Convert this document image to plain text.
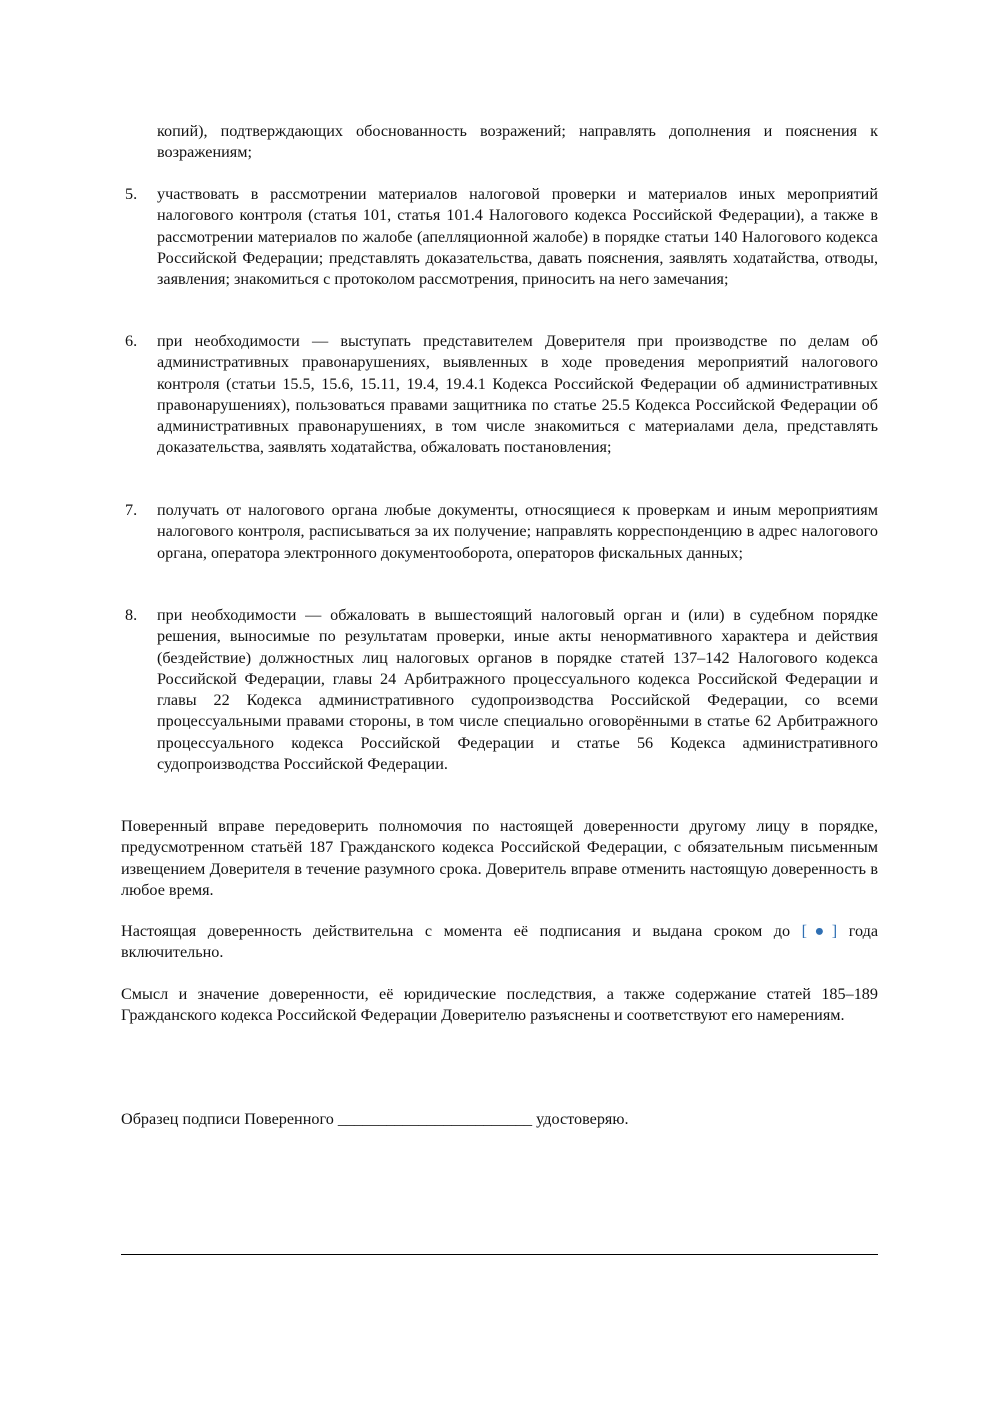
копий), подтверждающих обоснованность возражений; направлять дополнения и пояснения к возражениям;
5. участвовать в рассмотрении материалов налоговой проверки и материалов иных мероприятий налогового контроля (статья 101, статья 101.4 Налогового кодекса Российской Федерации), а также в рассмотрении материалов по жалобе (апелляционной жалобе) в порядке статьи 140 Налогового кодекса Российской Федерации; представлять доказательства, давать пояснения, заявлять ходатайства, отводы, заявления; знакомиться с протоколом рассмотрения, приносить на него замечания;
6. при необходимости — выступать представителем Доверителя при производстве по делам об административных правонарушениях, выявленных в ходе проведения мероприятий налогового контроля (статьи 15.5, 15.6, 15.11, 19.4, 19.4.1 Кодекса Российской Федерации об административных правонарушениях), пользоваться правами защитника по статье 25.5 Кодекса Российской Федерации об административных правонарушениях, в том числе знакомиться с материалами дела, представлять доказательства, заявлять ходатайства, обжаловать постановления;
7. получать от налогового органа любые документы, относящиеся к проверкам и иным мероприятиям налогового контроля, расписываться за их получение; направлять корреспонденцию в адрес налогового органа, оператора электронного документооборота, операторов фискальных данных;
8. при необходимости — обжаловать в вышестоящий налоговый орган и (или) в судебном порядке решения, выносимые по результатам проверки, иные акты ненормативного характера и действия (бездействие) должностных лиц налоговых органов в порядке статей 137–142 Налогового кодекса Российской Федерации, главы 24 Арбитражного процессуального кодекса Российской Федерации и главы 22 Кодекса административного судопроизводства Российской Федерации, со всеми процессуальными правами стороны, в том числе специально оговорёнными в статье 62 Арбитражного процессуального кодекса Российской Федерации и статье 56 Кодекса административного судопроизводства Российской Федерации.
Поверенный вправе передоверить полномочия по настоящей доверенности другому лицу в порядке, предусмотренном статьёй 187 Гражданского кодекса Российской Федерации, с обязательным письменным извещением Доверителя в течение разумного срока. Доверитель вправе отменить настоящую доверенность в любое время.
Настоящая доверенность действительна с момента её подписания и выдана сроком до [●] года включительно.
Смысл и значение доверенности, её юридические последствия, а также содержание статей 185–189 Гражданского кодекса Российской Федерации Доверителю разъяснены и соответствуют его намерениям.
Образец подписи Поверенного ________________________ удостоверяю.
